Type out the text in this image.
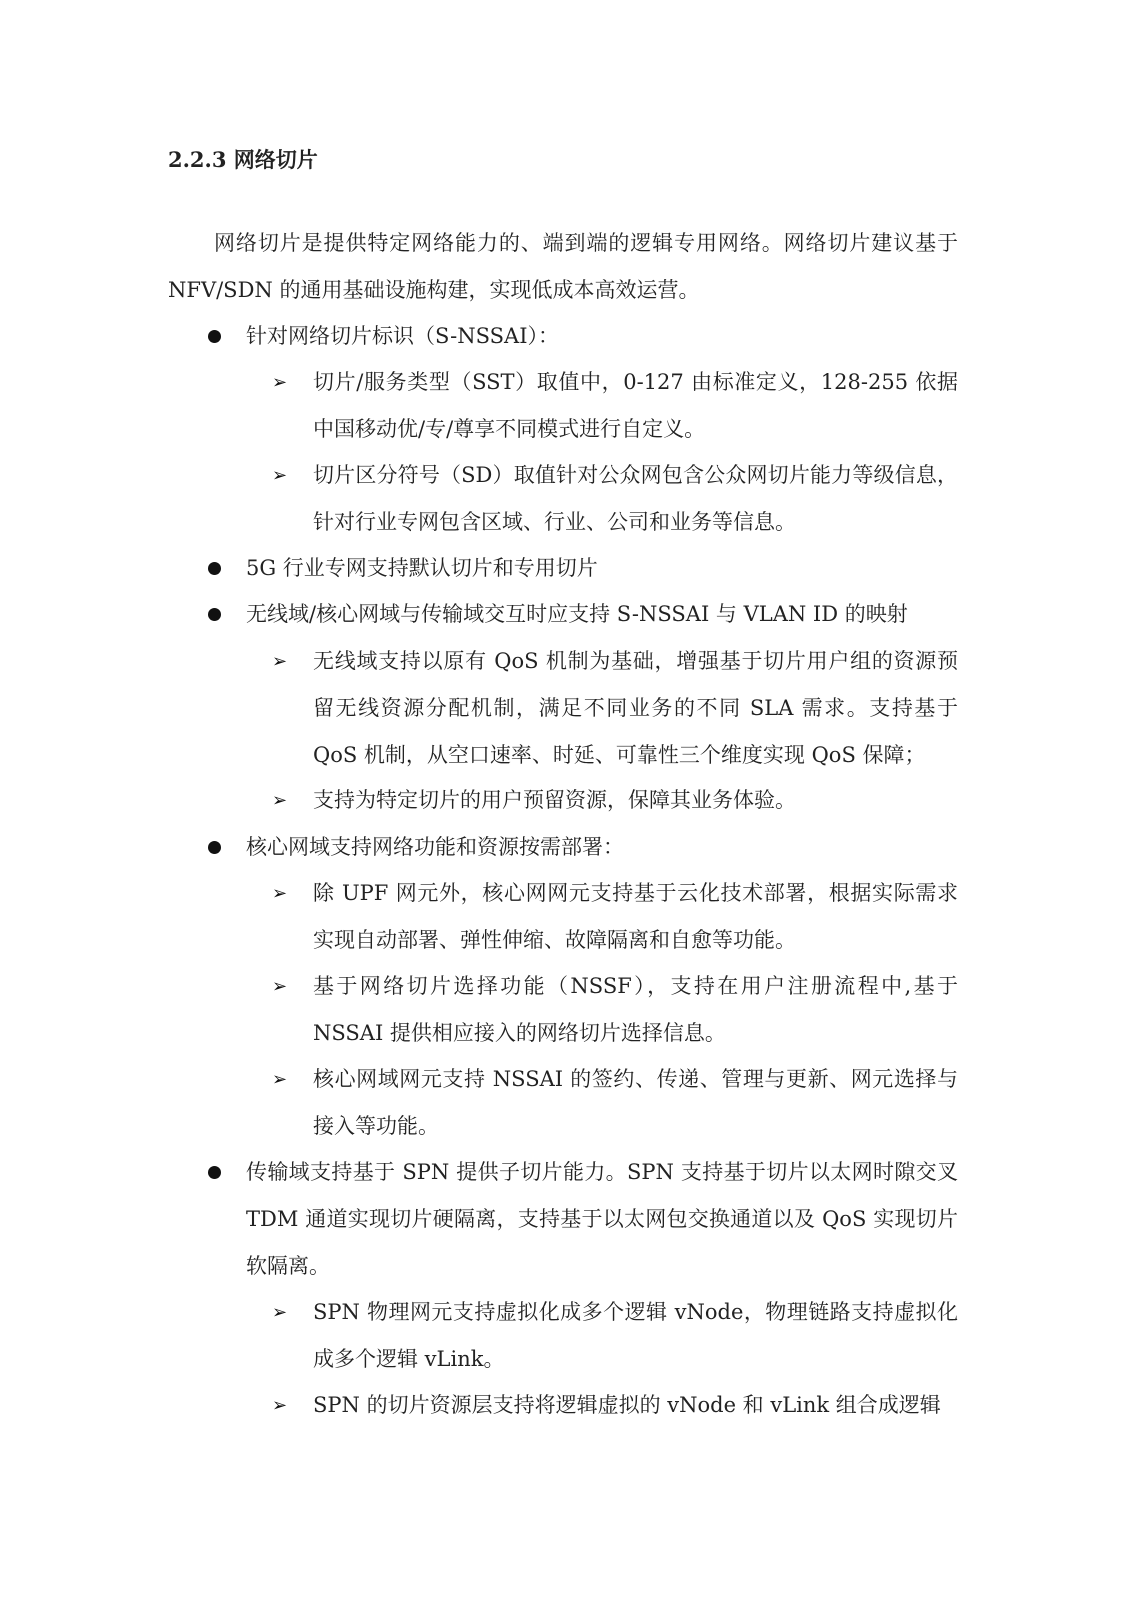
2.2.3 网络切片
网络切片是提供特定网络能力的、端到端的逻辑专用网络。网络切片建议基于 NFV/SDN 的通用基础设施构建，实现低成本高效运营。
针对网络切片标识（S-NSSAI）：
➢ 切片/服务类型（SST）取值中，0-127 由标准定义，128-255 依据中国移动优/专/尊享不同模式进行自定义。
➢ 切片区分符号（SD）取值针对公众网包含公众网切片能力等级信息，针对行业专网包含区域、行业、公司和业务等信息。
5G 行业专网支持默认切片和专用切片
无线域/核心网域与传输域交互时应支持 S-NSSAI 与 VLAN ID 的映射
➢ 无线域支持以原有 QoS 机制为基础，增强基于切片用户组的资源预留无线资源分配机制，满足不同业务的不同 SLA 需求。支持基于 QoS 机制，从空口速率、时延、可靠性三个维度实现 QoS 保障；
➢ 支持为特定切片的用户预留资源，保障其业务体验。
核心网域支持网络功能和资源按需部署：
➢ 除 UPF 网元外，核心网网元支持基于云化技术部署，根据实际需求实现自动部署、弹性伸缩、故障隔离和自愈等功能。
➢ 基于网络切片选择功能（NSSF），支持在用户注册流程中,基于 NSSAI 提供相应接入的网络切片选择信息。
➢ 核心网域网元支持 NSSAI 的签约、传递、管理与更新、网元选择与接入等功能。
传输域支持基于 SPN 提供子切片能力。SPN 支持基于切片以太网时隙交叉 TDM 通道实现切片硬隔离，支持基于以太网包交换通道以及 QoS 实现切片软隔离。
➢ SPN 物理网元支持虚拟化成多个逻辑 vNode，物理链路支持虚拟化成多个逻辑 vLink。
➢ SPN 的切片资源层支持将逻辑虚拟的 vNode 和 vLink 组合成逻辑
